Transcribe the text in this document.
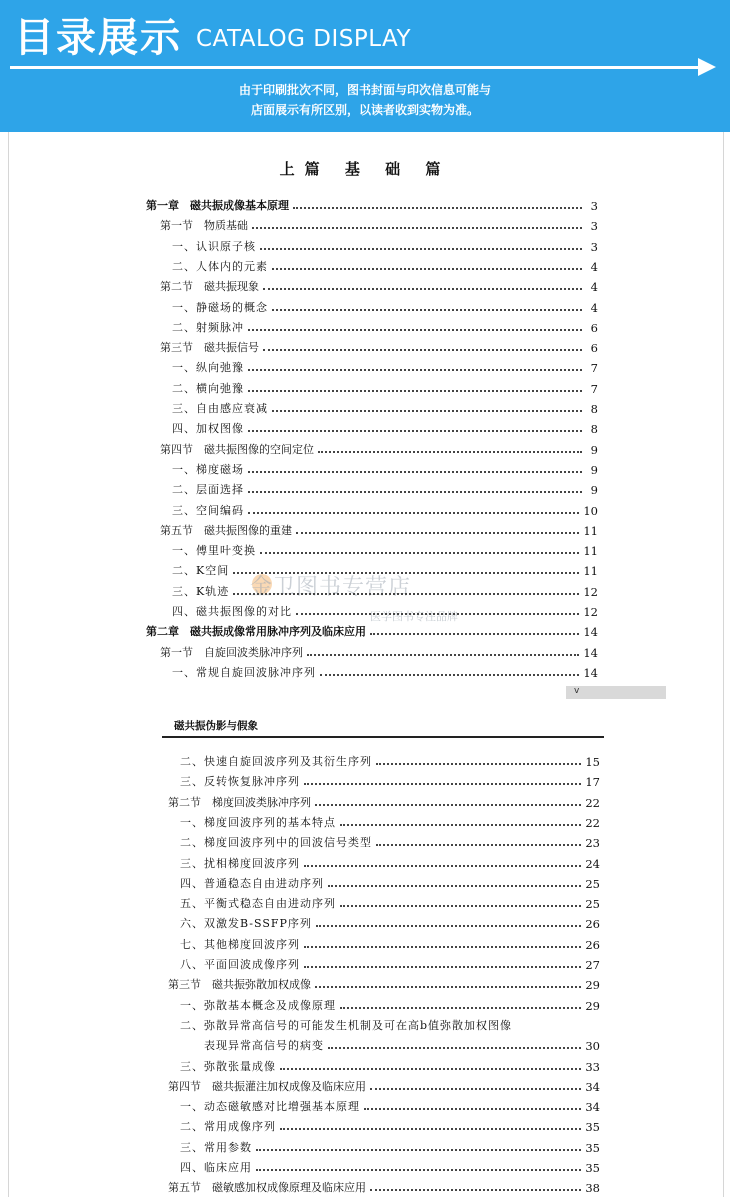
目录展示 CATALOG DISPLAY
由于印刷批次不同，图书封面与印次信息可能与
店面展示有所区别，以读者收到实物为准。
上篇 基 础 篇
金卫图书专营店
医学图书专注品牌
第一章　磁共振成像基本原理	3
第一节　物质基础	3
一、认识原子核	3
二、人体内的元素	4
第二节　磁共振现象	4
一、静磁场的概念	4
二、射频脉冲	6
第三节　磁共振信号	6
一、纵向弛豫	7
二、横向弛豫	7
三、自由感应衰减	8
四、加权图像	8
第四节　磁共振图像的空间定位	9
一、梯度磁场	9
二、层面选择	9
三、空间编码	10
第五节　磁共振图像的重建	11
一、傅里叶变换	11
二、K空间	11
三、K轨迹	12
四、磁共振图像的对比	12
第二章　磁共振成像常用脉冲序列及临床应用	14
第一节　自旋回波类脉冲序列	14
一、常规自旋回波脉冲序列	14
v
磁共振伪影与假象
二、快速自旋回波序列及其衍生序列	15
三、反转恢复脉冲序列	17
第二节　梯度回波类脉冲序列	22
一、梯度回波序列的基本特点	22
二、梯度回波序列中的回波信号类型	23
三、扰相梯度回波序列	24
四、普通稳态自由进动序列	25
五、平衡式稳态自由进动序列	25
六、双激发B-SSFP序列	26
七、其他梯度回波序列	26
八、平面回波成像序列	27
第三节　磁共振弥散加权成像	29
一、弥散基本概念及成像原理	29
二、弥散异常高信号的可能发生机制及可在高b值弥散加权图像
表现异常高信号的病变	30
三、弥散张量成像	33
第四节　磁共振灌注加权成像及临床应用	34
一、动态磁敏感对比增强基本原理	34
二、常用成像序列	35
三、常用参数	35
四、临床应用	35
第五节　磁敏感加权成像原理及临床应用	38
